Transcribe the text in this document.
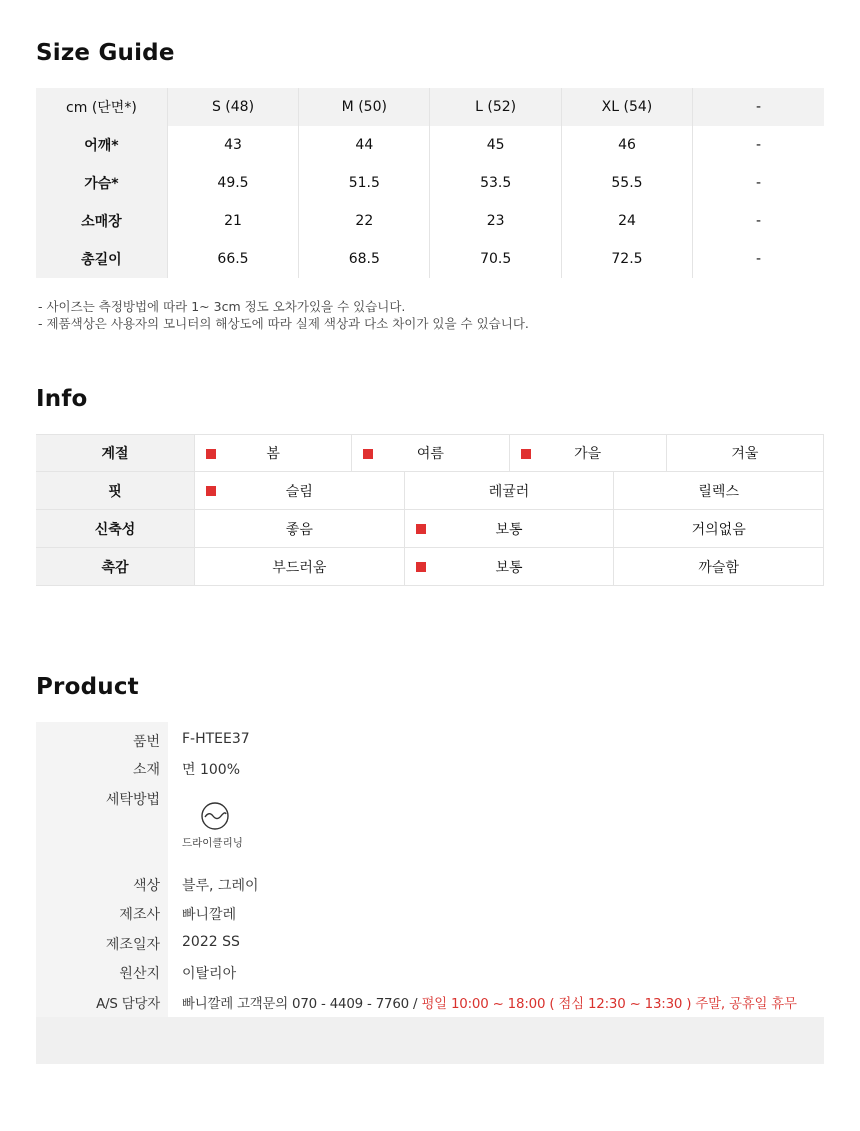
Size Guide
cm (단면*)	S (48)	M (50)	L (52)	XL (54)	-
어깨*	43	44	45	46	-
가슴*	49.5	51.5	53.5	55.5	-
소매장	21	22	23	24	-
총길이	66.5	68.5	70.5	72.5	-
- 사이즈는 측정방법에 따라 1~ 3cm 정도 오차가있을 수 있습니다.
- 제품색상은 사용자의 모니터의 해상도에 따라 실제 색상과 다소 차이가 있을 수 있습니다.
Info
계절	봄	여름	가을	겨울
핏	슬림	레귤러	릴렉스
신축성	좋음	보통	거의없음
촉감	부드러움	보통	까슬함
Product
품번 F-HTEE37
소재 면 100%
세탁방법
드라이클리닝
색상 블루, 그레이
제조사 빠니깔레
제조일자 2022 SS
원산지 이탈리아
A/S 담당자 빠니깔레 고객문의 070 - 4409 - 7760 / 평일 10:00 ~ 18:00 ( 점심 12:30 ~ 13:30 ) 주말, 공휴일 휴무
